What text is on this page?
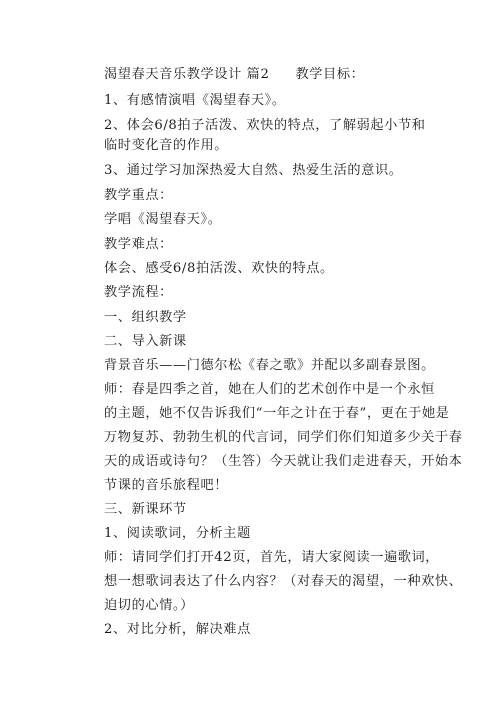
渴望春天音乐教学设计 篇2 教学目标：
1、有感情演唱《渴望春天》。
2、体会6/8拍子活泼、欢快的特点，了解弱起小节和
临时变化音的作用。
3、通过学习加深热爱大自然、热爱生活的意识。
教学重点：
学唱《渴望春天》。
教学难点：
体会、感受6/8拍活泼、欢快的特点。
教学流程：
一、组织教学
二、导入新课
背景音乐——门德尔松《春之歌》并配以多副春景图。
师：春是四季之首，她在人们的艺术创作中是一个永恒
的主题，她不仅告诉我们“一年之计在于春”，更在于她是
万物复苏、勃勃生机的代言词，同学们你们知道多少关于春
天的成语或诗句？（生答）今天就让我们走进春天，开始本
节课的音乐旅程吧！
三、新课环节
1、阅读歌词，分析主题
师：请同学们打开42页，首先，请大家阅读一遍歌词，
想一想歌词表达了什么内容？（对春天的渴望，一种欢快、
迫切的心情。）
2、对比分析，解决难点
